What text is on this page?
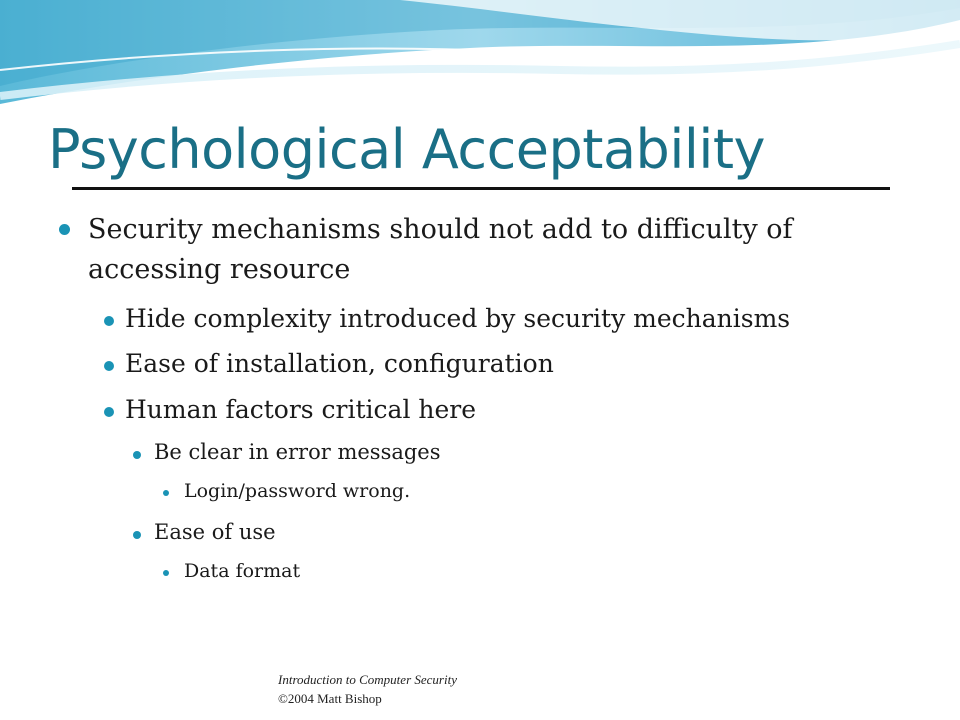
Psychological Acceptability
Security mechanisms should not add to difficulty of accessing resource
Hide complexity introduced by security mechanisms
Ease of installation, configuration
Human factors critical here
Be clear in error messages
Login/password wrong.
Ease of use
Data format
Introduction to Computer Security
©2004 Matt Bishop
